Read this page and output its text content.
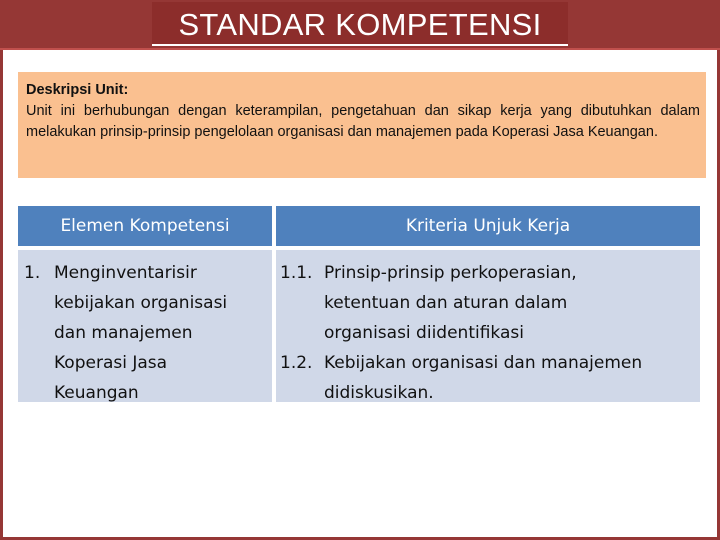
STANDAR KOMPETENSI
Deskripsi Unit:
Unit ini berhubungan dengan keterampilan, pengetahuan dan sikap kerja yang dibutuhkan dalam melakukan prinsip-prinsip pengelolaan organisasi dan manajemen pada Koperasi Jasa Keuangan.
Elemen Kompetensi	Kriteria Unjuk Kerja
1. Menginventarisir
kebijakan organisasi
dan manajemen
Koperasi Jasa
Keuangan
1.1. Prinsip-prinsip perkoperasian,
ketentuan dan aturan dalam
organisasi diidentifikasi
1.2. Kebijakan organisasi dan manajemen
didiskusikan.
